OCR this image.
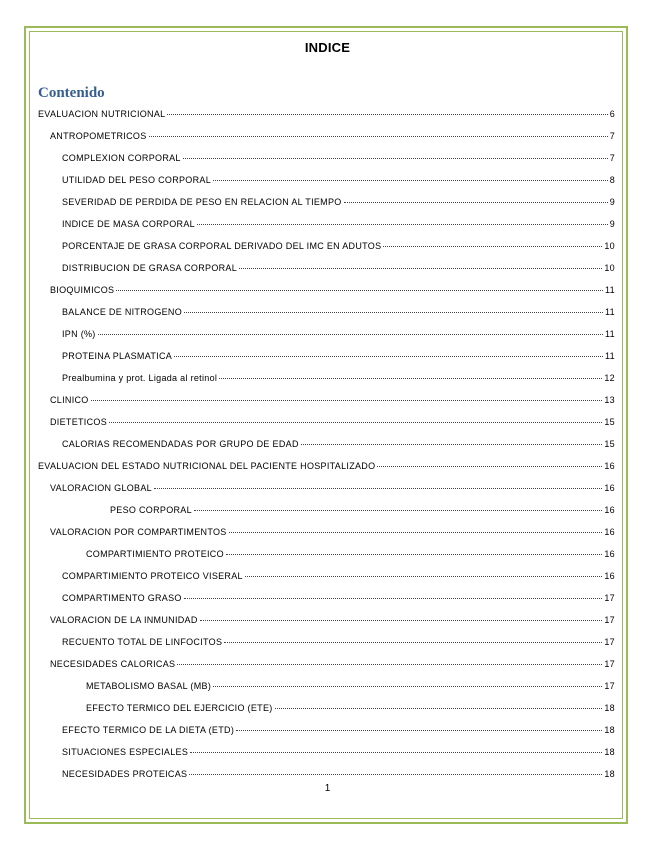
INDICE
Contenido
EVALUACION NUTRICIONAL	6
ANTROPOMETRICOS	7
COMPLEXION CORPORAL	7
UTILIDAD DEL PESO CORPORAL	8
SEVERIDAD DE PERDIDA DE PESO EN RELACION AL TIEMPO	9
INDICE DE MASA CORPORAL	9
PORCENTAJE DE GRASA CORPORAL DERIVADO DEL IMC EN ADUTOS	10
DISTRIBUCION DE GRASA CORPORAL	10
BIOQUIMICOS	11
BALANCE DE NITROGENO	11
IPN (%)	11
PROTEINA PLASMATICA	11
Prealbumina y prot. Ligada al retinol	12
CLINICO	13
DIETETICOS	15
CALORIAS RECOMENDADAS POR GRUPO DE EDAD	15
EVALUACION DEL ESTADO NUTRICIONAL DEL PACIENTE HOSPITALIZADO	16
VALORACION GLOBAL	16
PESO CORPORAL	16
VALORACION POR COMPARTIMENTOS	16
COMPARTIMIENTO PROTEICO	16
COMPARTIMIENTO PROTEICO VISERAL	16
COMPARTIMENTO GRASO	17
VALORACION DE LA INMUNIDAD	17
RECUENTO TOTAL DE LINFOCITOS	17
NECESIDADES CALORICAS	17
METABOLISMO BASAL (MB)	17
EFECTO TERMICO DEL EJERCICIO (ETE)	18
EFECTO TERMICO DE LA DIETA (ETD)	18
SITUACIONES ESPECIALES	18
NECESIDADES PROTEICAS	18
1
